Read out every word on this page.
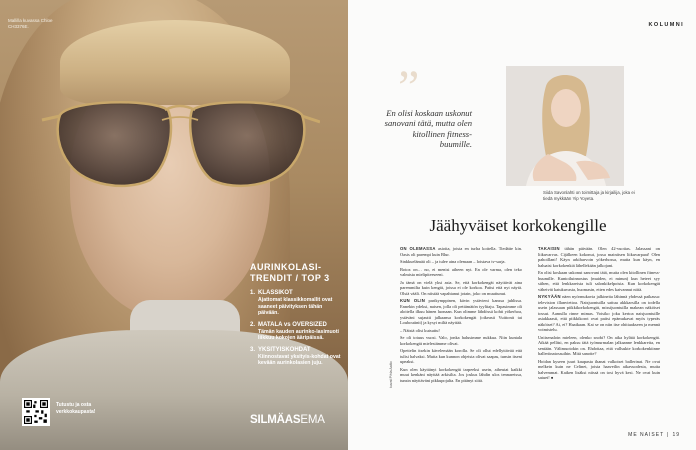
Mallilla kuvassa Chloe CH3376E.
AURINKOLASI-TRENDIT / TOP 3
1. KLASSIKOT
Ajattomat klassikkomallit ovat saaneet päivityksen tähän päivään.
2. MATALA vs OVERSIZED
Tämän kauden aurinko-lasimuoti liikkuu kokojen ääripäissä.
3. YKSITYISKOHDAT
Kiinnostavat yksityis-kohdat ovat kevään aurinkolasien juju.
Tutustu ja osta verkkokaupasta!
SILMÄASEMA
KOLUMNI
”
En olisi koskaan uskonut sanovani tätä, mutta olen kitollinen fitness-buumille.
Siida Savonlahti on toimittaja ja kirjailija, joka ei tiedä mykkään Yip Yoyeta.
Jäähyväiset korkokengille
kuvat Pihla Aalto

ON OLEMASSA asioita, joista en turha koitella. Tiedätte kin. Oasis oli parempi kuin Blur.

Sinkkuelämää oli – ja tulee aina olemaan – loistava tv-sarja.

Botox on… no, ei menisi aiheen nyt. En ole varma, olen teko valmista mielipiteeseeni.

Ja tämä on vielä yksi asia. Se, että korkokengät näyttävät aina paremmilta kuin kengät, joissa ei ole korkoa. Paitsi että nyt näytä. Olsiä vääli. On niistää vapahtanut jotain, joko on muuttunut.

KUN OLIN parikymppinen, kävin ystävieni kanssa juhlissa. Ennekin ydeksi, naisen, jolla oli pettämätön tyylitaju. Tapasimme oli aloitella ilkuu hänen luonaan. Kun olimme lähdössä kohti yökerhoa, ystäväni sujautti jalkaansa korkokengät (oikeasti Vuittonit tai Louboutinit) ja kysyi miltä näyttää.

– Näistä olisi kutsuttu!

Se oli totuus vuosi. Valo, jonka halusimme nukkua. Niin kuntala korkokengät mielestämme olivat.

Opettelin itsekin kävelemään korolla. Se oli ollut edellyttävää että tulisi halvaksi. Mutta kun kunnon ohjeista olivat saapas, tunsin itseni upeaksi.

Kun olen käyttänyt korkokengät tarpeeksi usein, aiheutat kaikki muut kenkäni näyttää arkisilta. Jos joskus lähdin ulos tennareissa, tunsin näyttäväni pikkupojalta. En pitänyt siitä.

TAKAISIN tähän päivään. Olen 42-vuotias. Jalassani on liikuvarvas. Cijälkeen kokonut, jossa mainitsen liikuvarpaat! Olen pahoillani! Käyn arkiharvoin yökerhossa, mutta kun käyn, en haluaisi korkokenkiä lähellekään jalkojani.

En olisi koskaan uskonut sanovani tätä, mutta olen kitollinen fitness-buumille. Kuntoiluinnostus (muiden, ei minun) kun heteet syy siihen, että lenkkareista tuli salonkikelpoisia. Kun korkokengät väheivät katukuvasta, huomasin, etten edes kaivannut niitä.

NYKYÄÄN näen nyörmukavia jalkineita lähinnä yhdessä paikassa: television illanviettoa. Naisjuontuilla sattuu akkkarsilla on todella usein jalassaan piikkikorkokengät, missijuontuilla makean näköiset tossut. Aamulla rinne mimas. Voisiko joku kertoa naisjuontuille asiakkaasti, että piikkikorot ovat paitsi epämukavat myös typeräs näköiset? Ai, ei? Haaikaan. Kai se on niin itse ohittaakseen ja mennä voimistelu.

Uniisenaloin mieleen, olenko snobi? On aika hylätä korkokengät. Aikää pelläsi, en paksu tätä työmurmalan jalkaanne lenkkareita, en sentään. Välimuotokin on. Ehdottaa, että vallsukte korkokenkiinne balleriinatossuihin. Mitä sanotte?

Hoidan kyseen juuri kaupasta ihanat valkoiset ballerinat. Ne ovat melkein kuin ne Celinet, joista haaveilin aikavuodesta, mutta halvemmat. Kaiken lisäksi niissä on tosi hyvä kesi. Ne ovat kuin satuet! ●

ME NAISET | 19
